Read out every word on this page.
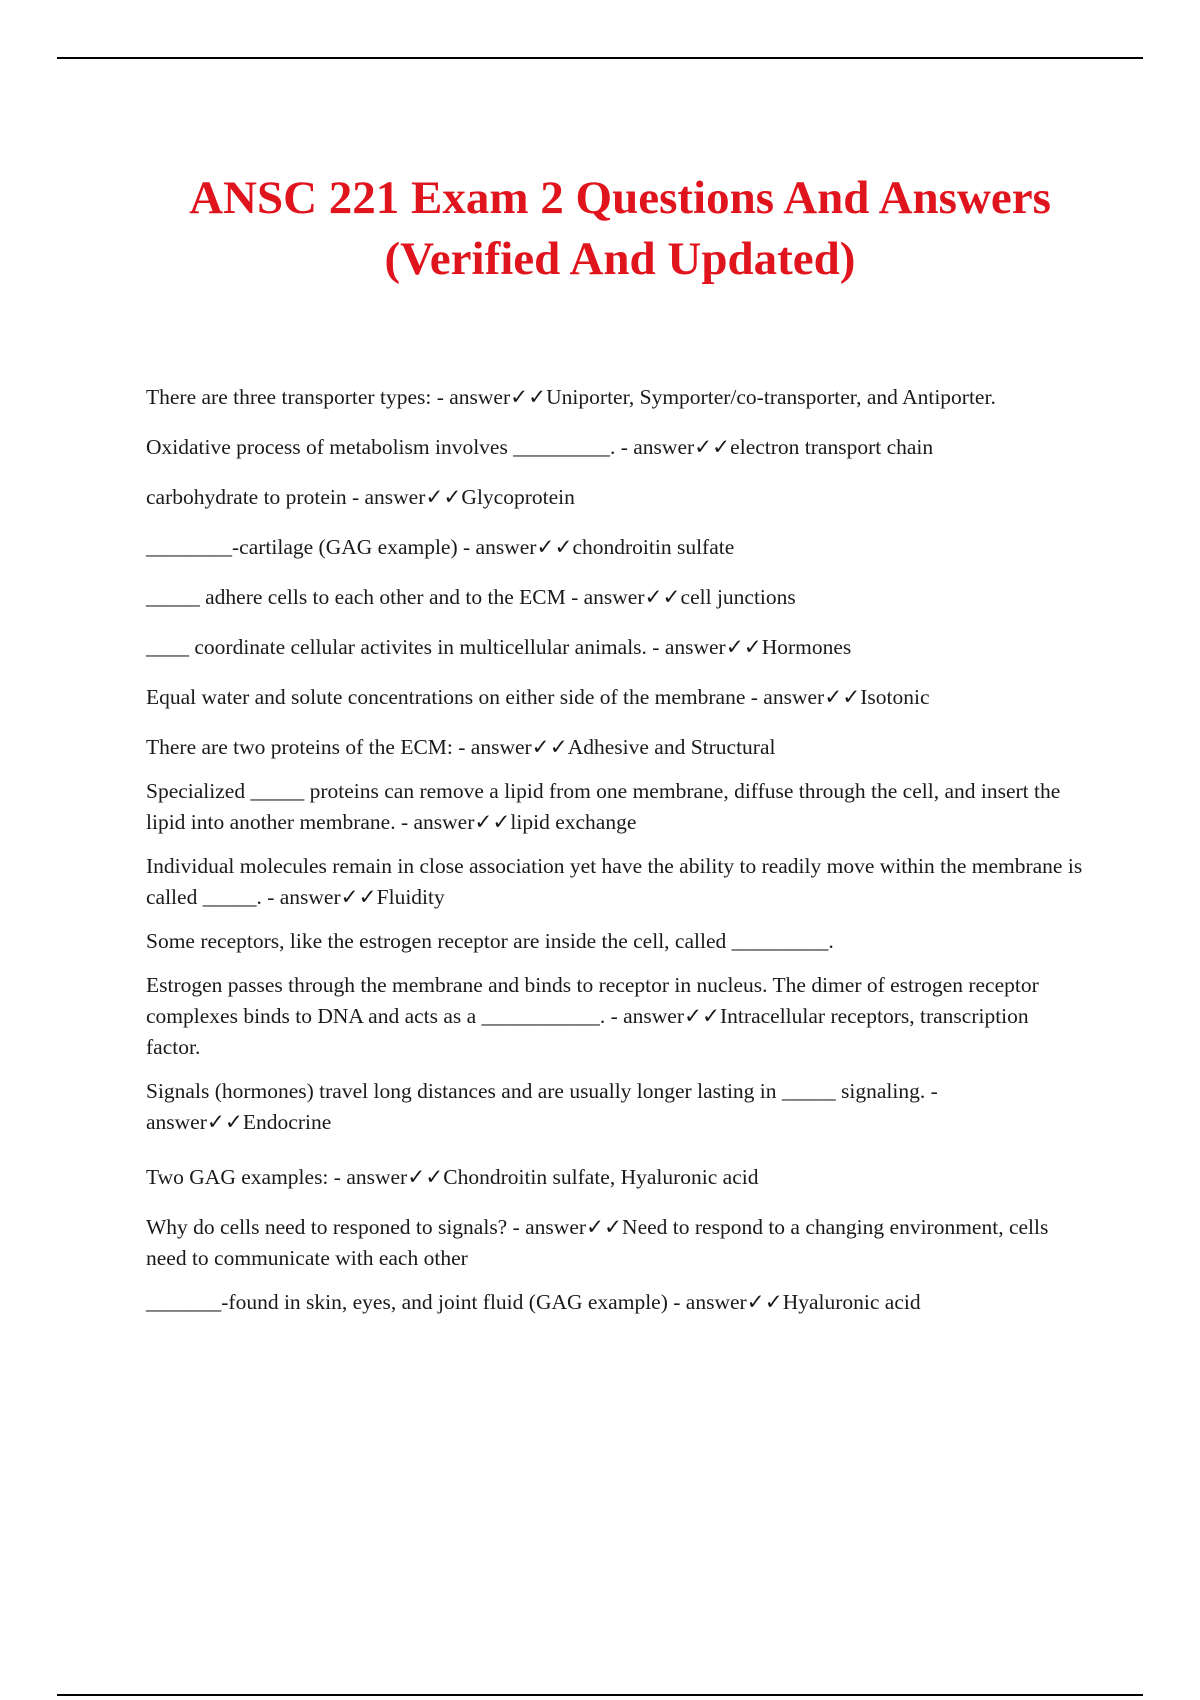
ANSC 221 Exam 2 Questions And Answers
(Verified And Updated)
There are three transporter types: - answer✓✓Uniporter, Symporter/co-transporter, and Antiporter.
Oxidative process of metabolism involves _________. - answer✓✓electron transport chain
carbohydrate to protein - answer✓✓Glycoprotein
________-cartilage (GAG example) - answer✓✓chondroitin sulfate
_____ adhere cells to each other and to the ECM - answer✓✓cell junctions
____ coordinate cellular activites in multicellular animals. - answer✓✓Hormones
Equal water and solute concentrations on either side of the membrane - answer✓✓Isotonic
There are two proteins of the ECM: - answer✓✓Adhesive and Structural
Specialized _____ proteins can remove a lipid from one membrane, diffuse through the cell, and insert the lipid into another membrane. - answer✓✓lipid exchange
Individual molecules remain in close association yet have the ability to readily move within the membrane is called _____. - answer✓✓Fluidity
Some receptors, like the estrogen receptor are inside the cell, called _________.
Estrogen passes through the membrane and binds to receptor in nucleus. The dimer of estrogen receptor complexes binds to DNA and acts as a ___________. - answer✓✓Intracellular receptors, transcription factor.
Signals (hormones) travel long distances and are usually longer lasting in _____ signaling. - answer✓✓Endocrine
Two GAG examples: - answer✓✓Chondroitin sulfate, Hyaluronic acid
Why do cells need to responed to signals? - answer✓✓Need to respond to a changing environment, cells need to communicate with each other
_______-found in skin, eyes, and joint fluid (GAG example) - answer✓✓Hyaluronic acid
